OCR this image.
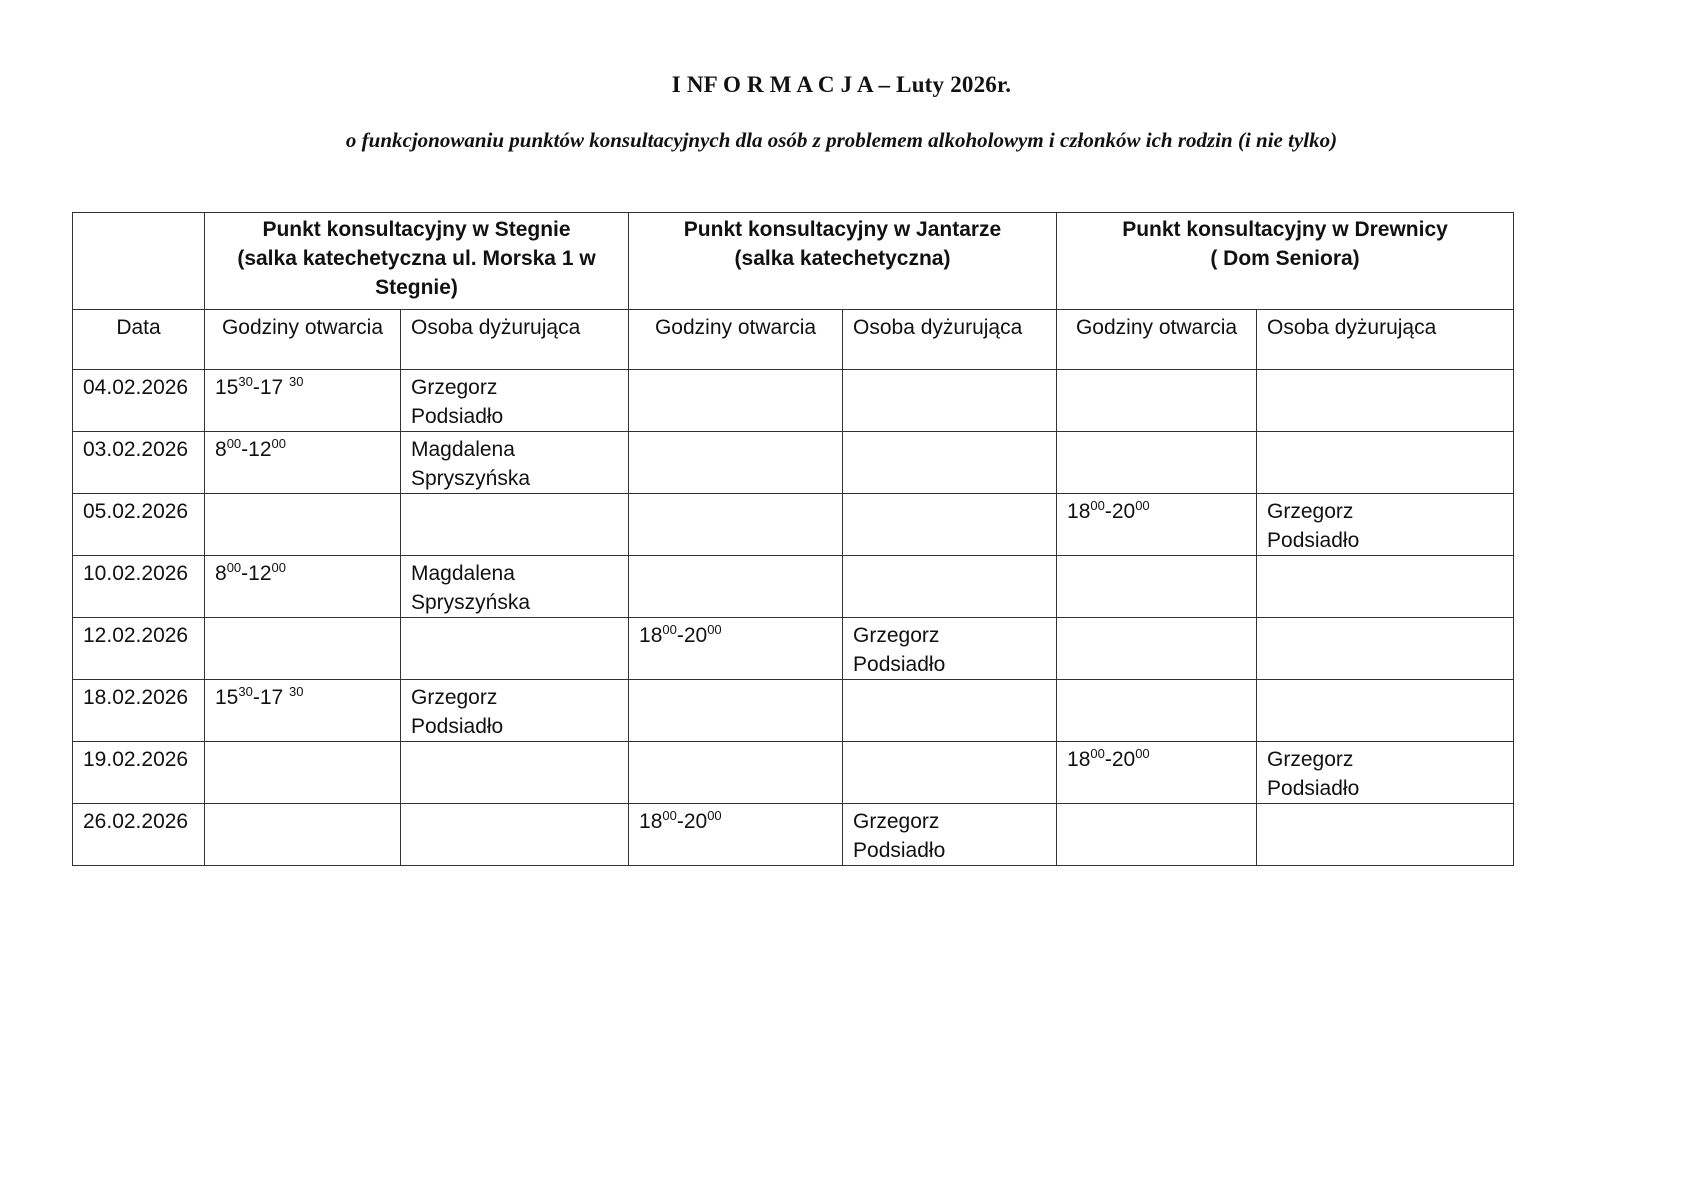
I NF O R M A C J A – Luty 2026r.
o funkcjonowaniu punktów konsultacyjnych dla osób z problemem alkoholowym i członków ich rodzin (i nie tylko)
	Punkt konsultacyjny w Stegnie
(salka katechetyczna ul. Morska 1 w Stegnie)		Punkt konsultacyjny w Jantarze
(salka katechetyczna)		Punkt konsultacyjny w Drewnicy
( Dom Seniora)	
Data	Godziny otwarcia	Osoba dyżurująca	Godziny otwarcia	Osoba dyżurująca	Godziny otwarcia	Osoba dyżurująca
04.02.2026	$15^{30}-17$ $^{30}$	Grzegorz
Podsiadło				

03.02.2026	$8^{00}-12^{00}$	Magdalena
Spryszyńska				

05.02.2026					$18^{00}-20^{00}$	Grzegorz
Podsiadło

10.02.2026	$8^{00}-12^{00}$	Magdalena
Spryszyńska				

12.02.2026			$18^{00}-20^{00}$	Grzegorz
Podsiadło		

18.02.2026	$15^{30}-17$ $^{30}$	Grzegorz
Podsiadło				

19.02.2026					$18^{00}-20^{00}$	Grzegorz
Podsiadło

26.02.2026			$18^{00}-20^{00}$	Grzegorz
Podsiadło		
